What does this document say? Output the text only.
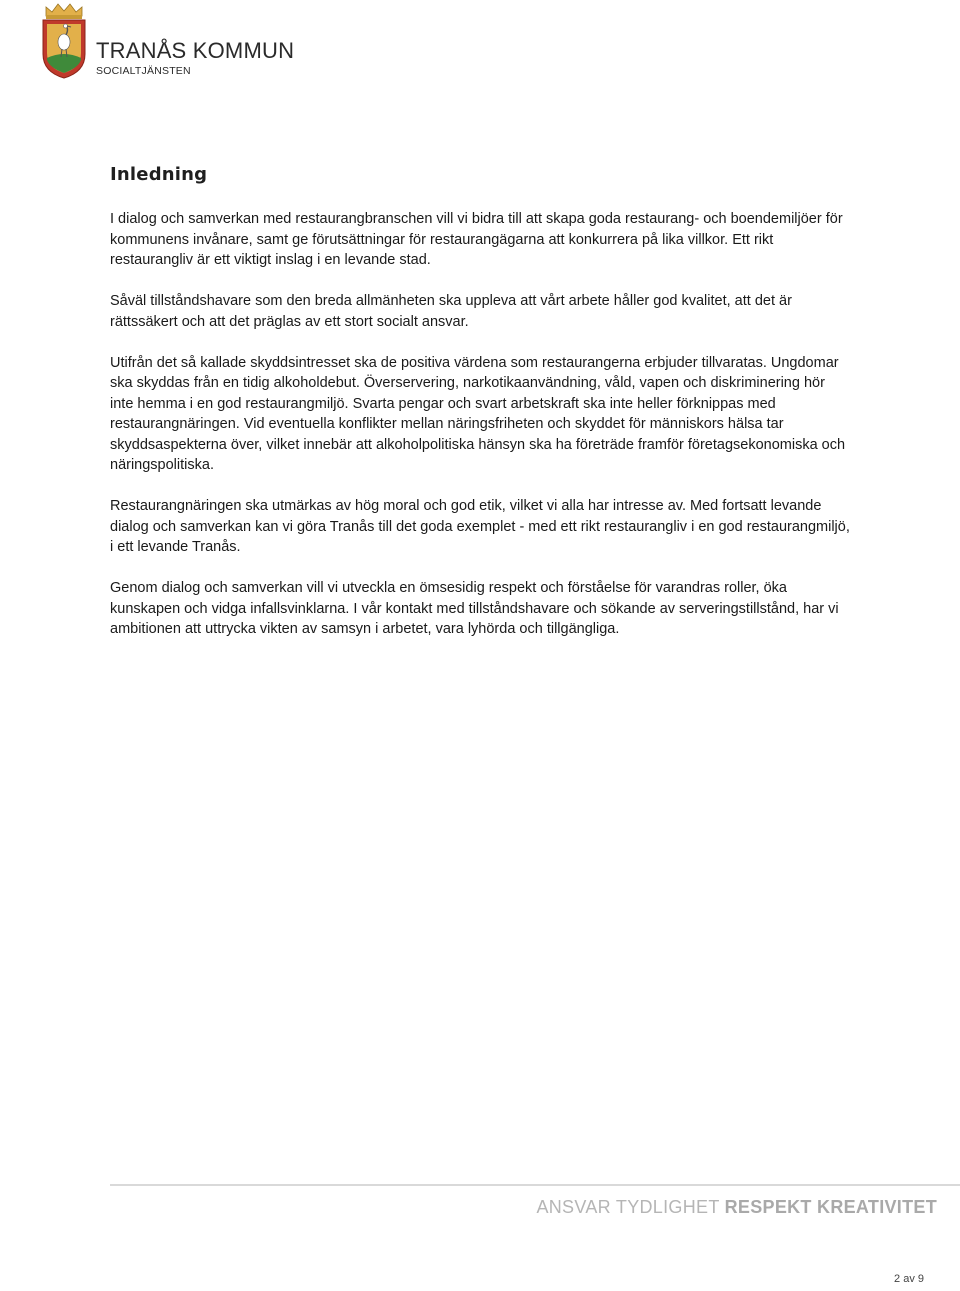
TRANÅS KOMMUN
SOCIALTJÄNSTEN
Inledning

I dialog och samverkan med restaurangbranschen vill vi bidra till att skapa goda restaurang- och boendemiljöer för kommunens invånare, samt ge förutsättningar för restaurangägarna att konkurrera på lika villkor. Ett rikt restaurangliv är ett viktigt inslag i en levande stad.

Såväl tillståndshavare som den breda allmänheten ska uppleva att vårt arbete håller god kvalitet, att det är rättssäkert och att det präglas av ett stort socialt ansvar.

Utifrån det så kallade skyddsintresset ska de positiva värdena som restaurangerna erbjuder tillvaratas. Ungdomar ska skyddas från en tidig alkoholdebut. Överservering, narkotikaanvändning, våld, vapen och diskriminering hör inte hemma i en god restaurangmiljö. Svarta pengar och svart arbetskraft ska inte heller förknippas med restaurangnäringen. Vid eventuella konflikter mellan näringsfriheten och skyddet för människors hälsa tar skyddsaspekterna över, vilket innebär att alkoholpolitiska hänsyn ska ha företräde framför företagsekonomiska och näringspolitiska.

Restaurangnäringen ska utmärkas av hög moral och god etik, vilket vi alla har intresse av. Med fortsatt levande dialog och samverkan kan vi göra Tranås till det goda exemplet - med ett rikt restaurangliv i en god restaurangmiljö, i ett levande Tranås.

Genom dialog och samverkan vill vi utveckla en ömsesidig respekt och förståelse för varandras roller, öka kunskapen och vidga infallsvinklarna. I vår kontakt med tillståndshavare och sökande av serveringstillstånd, har vi ambitionen att uttrycka vikten av samsyn i arbetet, vara lyhörda och tillgängliga.

ANSVAR TYDLIGHET RESPEKT KREATIVITET
2 av 9
